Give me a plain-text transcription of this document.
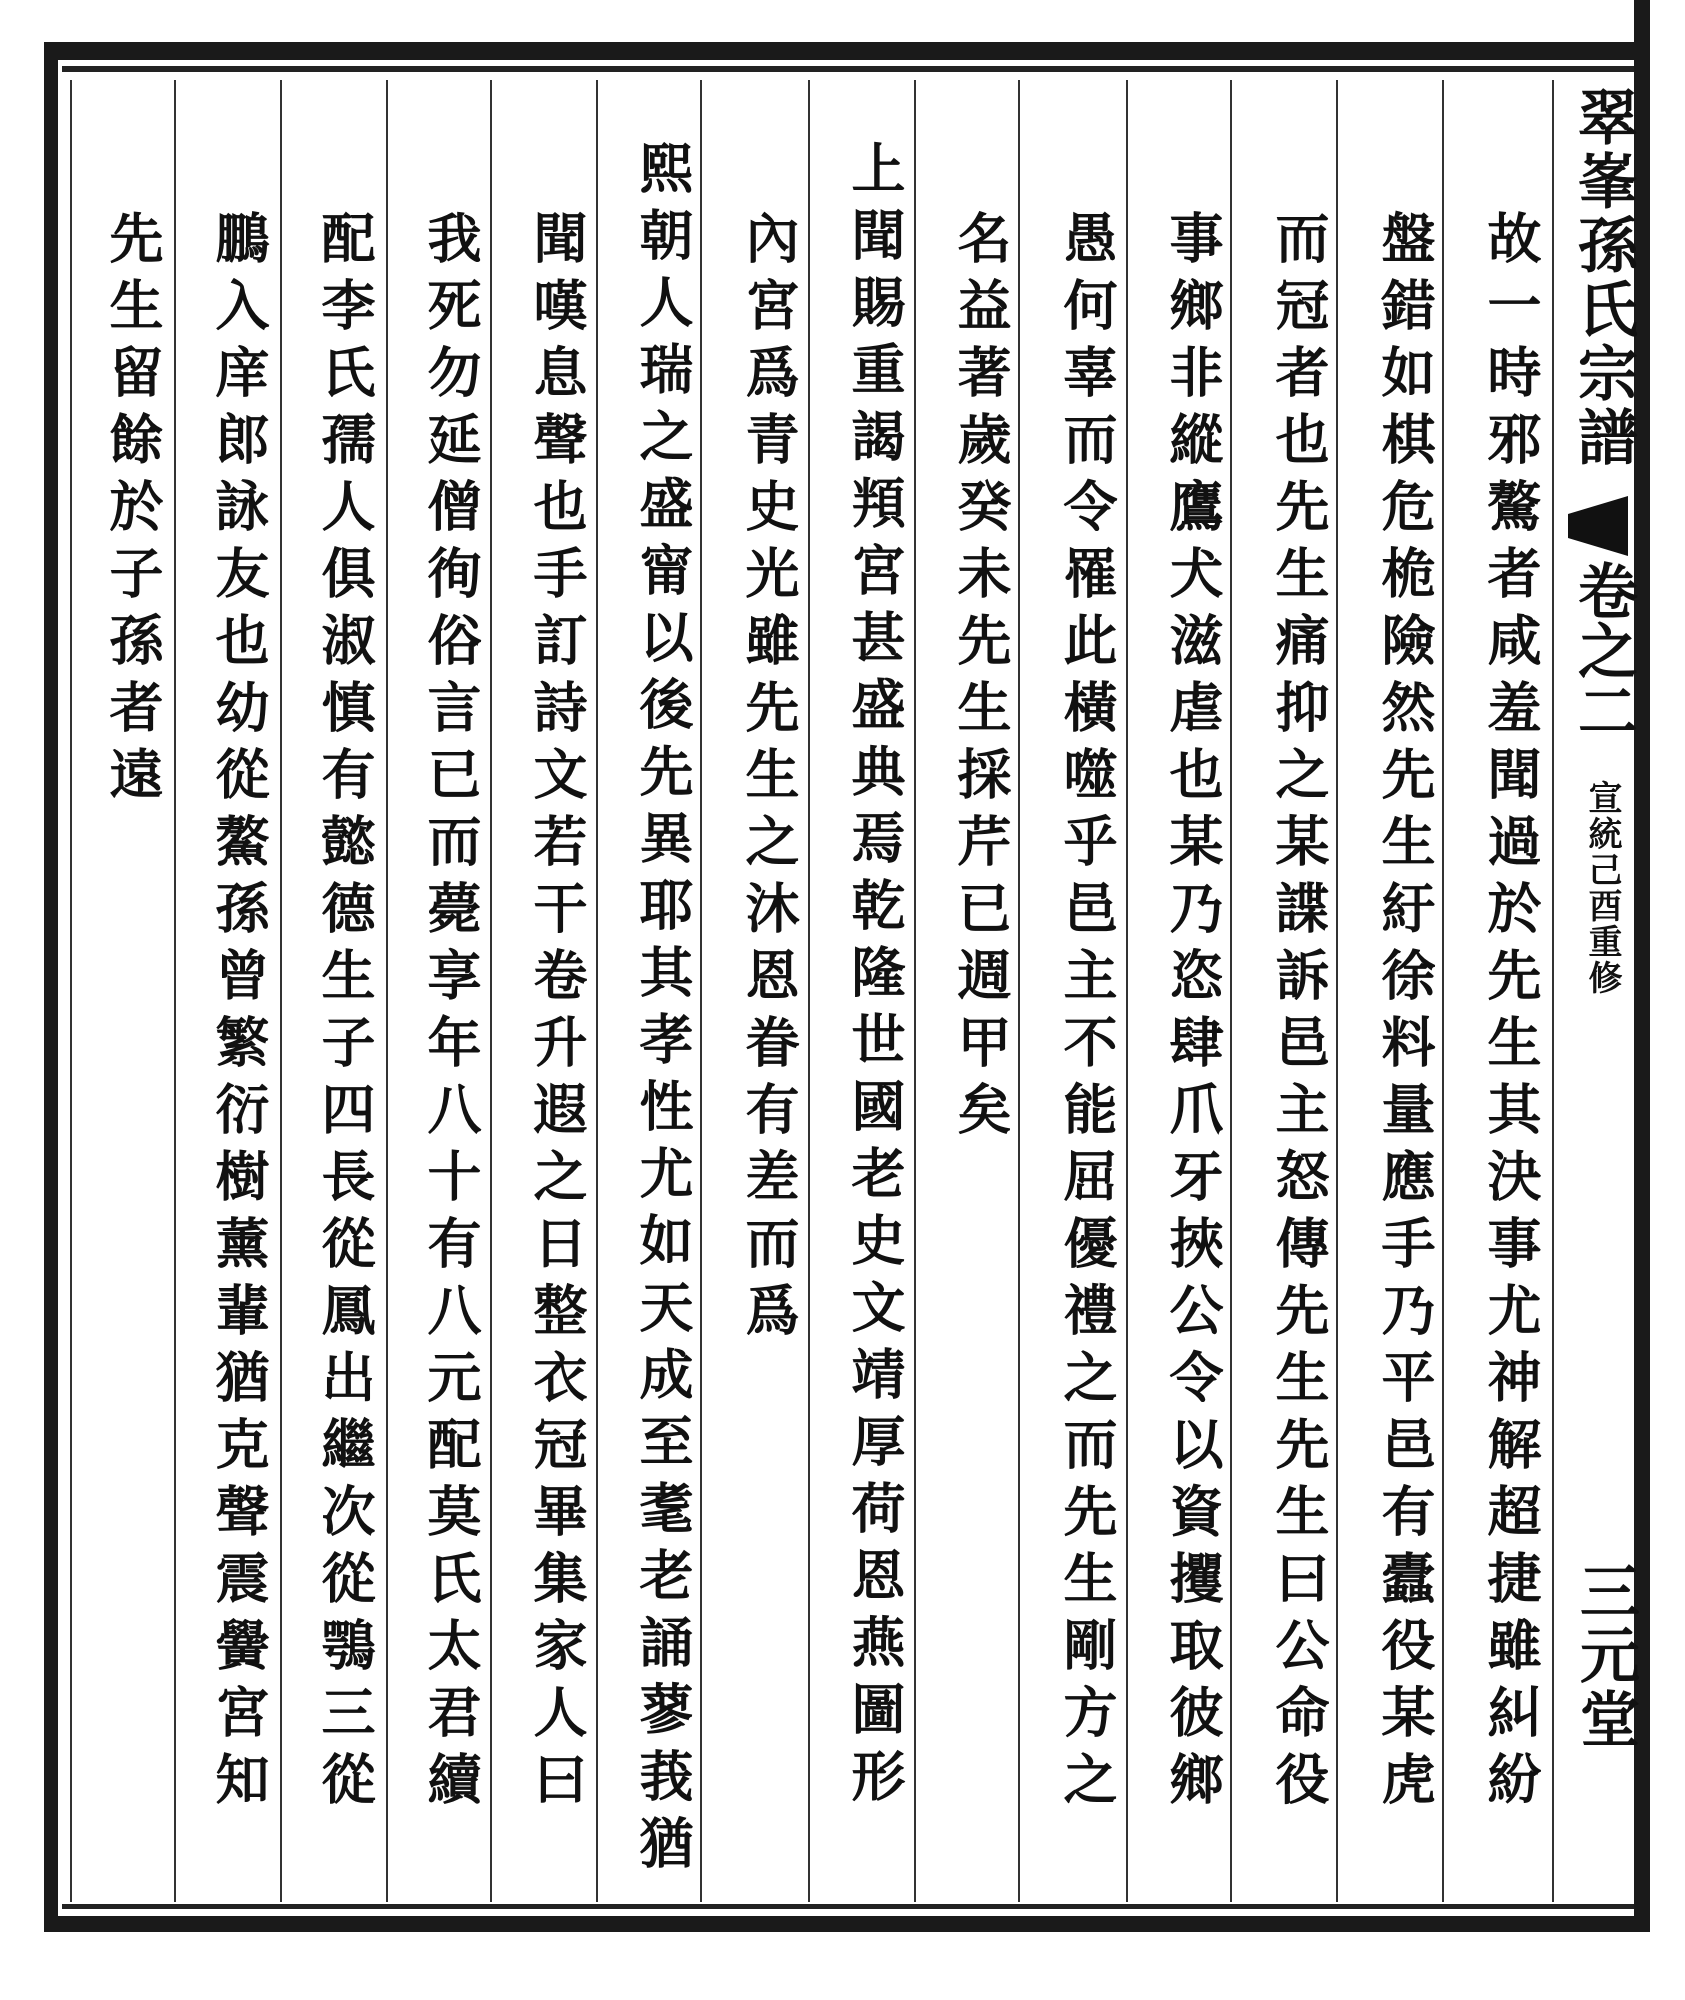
翠峯孫氏宗譜
卷之二
宣統己酉重修
三元堂
故一時邪驁者咸羞聞過於先生其決事尤神解超捷雖糾紛
盤錯如棋危桅險然先生紆徐料量應手乃平邑有蠹役某虎
而冠者也先生痛抑之某諜訴邑主怒傳先生先生曰公命役
事鄉非縱鷹犬滋虐也某乃恣肆爪牙挾公令以資攫取彼鄉
愚何辜而令罹此橫噬乎邑主不能屈優禮之而先生剛方之
名益著歲癸未先生採芹已週甲矣
上聞賜重謁頖宮甚盛典焉乾隆世國老史文靖厚荷恩燕圖形
內宮爲青史光雖先生之沐恩眷有差而爲
熙朝人瑞之盛甯以後先異耶其孝性尤如天成至耄老誦蓼莪猶
聞嘆息聲也手訂詩文若干卷升遐之日整衣冠畢集家人曰
我死勿延僧徇俗言已而薨享年八十有八元配莫氏太君續
配李氏孺人俱淑慎有懿德生子四長從鳳出繼次從鶚三從
鵬入庠郎詠友也幼從鰲孫曾繁衍樹薰輩猶克聲震黌宮知
先生留餘於子孫者遠
